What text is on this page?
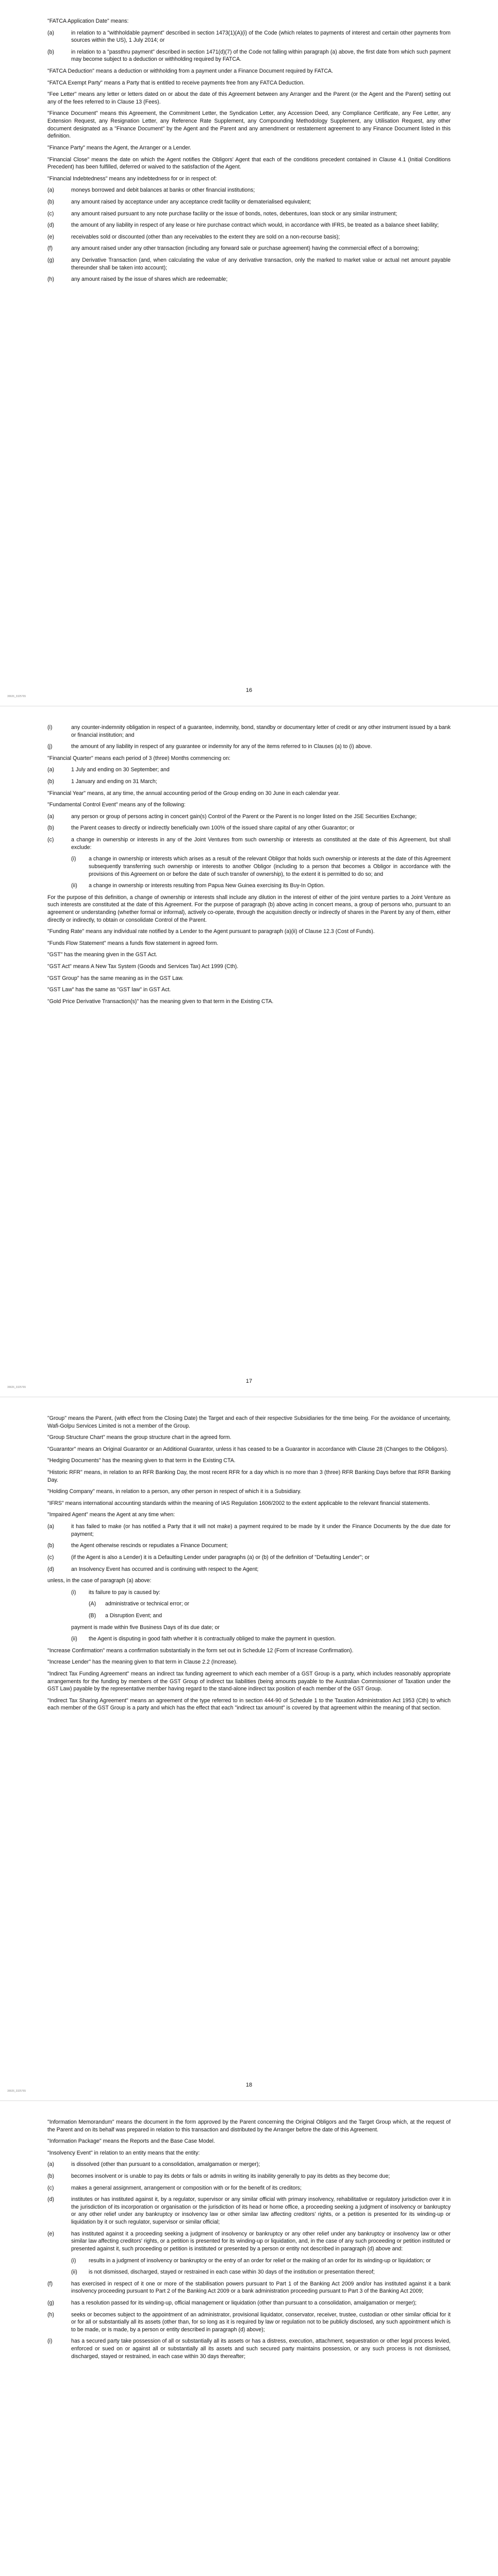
"FATCA Application Date" means:
(a)	in relation to a "withholdable payment" described in section 1473(1)(A)(i) of the Code (which relates to payments of interest and certain other payments from sources within the US), 1 July 2014; or
(b)	in relation to a "passthru payment" described in section 1471(d)(7) of the Code not falling within paragraph (a) above, the first date from which such payment may become subject to a deduction or withholding required by FATCA.
"FATCA Deduction" means a deduction or withholding from a payment under a Finance Document required by FATCA.
"FATCA Exempt Party" means a Party that is entitled to receive payments free from any FATCA Deduction.
"Fee Letter" means any letter or letters dated on or about the date of this Agreement between any Arranger and the Parent (or the Agent and the Parent) setting out any of the fees referred to in Clause 13 (Fees).
"Finance Document" means this Agreement, the Commitment Letter, the Syndication Letter, any Accession Deed, any Compliance Certificate, any Fee Letter, any Extension Request, any Resignation Letter, any Reference Rate Supplement, any Compounding Methodology Supplement, any Utilisation Request, any other document designated as a "Finance Document" by the Agent and the Parent and any amendment or restatement agreement to any Finance Document listed in this definition.
"Finance Party" means the Agent, the Arranger or a Lender.
"Financial Close" means the date on which the Agent notifies the Obligors' Agent that each of the conditions precedent contained in Clause 4.1 (Initial Conditions Precedent) has been fulfilled, deferred or waived to the satisfaction of the Agent.
"Financial Indebtedness" means any indebtedness for or in respect of:
(a)	moneys borrowed and debit balances at banks or other financial institutions;
(b)	any amount raised by acceptance under any acceptance credit facility or dematerialised equivalent;
(c)	any amount raised pursuant to any note purchase facility or the issue of bonds, notes, debentures, loan stock or any similar instrument;
(d)	the amount of any liability in respect of any lease or hire purchase contract which would, in accordance with IFRS, be treated as a balance sheet liability;
(e)	receivables sold or discounted (other than any receivables to the extent they are sold on a non-recourse basis);
(f)	any amount raised under any other transaction (including any forward sale or purchase agreement) having the commercial effect of a borrowing;
(g)	any Derivative Transaction (and, when calculating the value of any derivative transaction, only the marked to market value or actual net amount payable thereunder shall be taken into account);
(h)	any amount raised by the issue of shares which are redeemable;
16
39926_3325765
(i)	any counter-indemnity obligation in respect of a guarantee, indemnity, bond, standby or documentary letter of credit or any other instrument issued by a bank or financial institution; and
(j)	the amount of any liability in respect of any guarantee or indemnity for any of the items referred to in Clauses (a) to (i) above.
"Financial Quarter" means each period of 3 (three) Months commencing on:
(a)	1 July and ending on 30 September; and
(b)	1 January and ending on 31 March;
"Financial Year" means, at any time, the annual accounting period of the Group ending on 30 June in each calendar year.
"Fundamental Control Event" means any of the following:
(a)	any person or group of persons acting in concert gain(s) Control of the Parent or the Parent is no longer listed on the JSE Securities Exchange;
(b)	the Parent ceases to directly or indirectly beneficially own 100% of the issued share capital of any other Guarantor; or
(c)	a change in ownership or interests in any of the Joint Ventures from such ownership or interests as constituted at the date of this Agreement, but shall exclude:
(i)	a change in ownership or interests which arises as a result of the relevant Obligor that holds such ownership or interests at the date of this Agreement subsequently transferring such ownership or interests to another Obligor (including to a person that becomes a Obligor in accordance with the provisions of this Agreement on or before the date of such transfer of ownership), to the extent it is permitted to do so; and
(ii)	a change in ownership or interests resulting from Papua New Guinea exercising its Buy-In Option.
For the purpose of this definition, a change of ownership or interests shall include any dilution in the interest of either of the joint venture parties to a Joint Venture as such interests are constituted at the date of this Agreement. For the purpose of paragraph (b) above acting in concert means, a group of persons who, pursuant to an agreement or understanding (whether formal or informal), actively co-operate, through the acquisition directly or indirectly of shares in the Parent by any of them, either directly or indirectly, to obtain or consolidate Control of the Parent.
"Funding Rate" means any individual rate notified by a Lender to the Agent pursuant to paragraph (a)(ii) of Clause 12.3 (Cost of Funds).
"Funds Flow Statement" means a funds flow statement in agreed form.
"GST" has the meaning given in the GST Act.
"GST Act" means A New Tax System (Goods and Services Tax) Act 1999 (Cth).
"GST Group" has the same meaning as in the GST Law.
"GST Law" has the same as "GST law" in GST Act.
"Gold Price Derivative Transaction(s)" has the meaning given to that term in the Existing CTA.
17
39926_3325765
"Group" means the Parent, (with effect from the Closing Date) the Target and each of their respective Subsidiaries for the time being. For the avoidance of uncertainty, Wafi-Golpu Services Limited is not a member of the Group.
"Group Structure Chart" means the group structure chart in the agreed form.
"Guarantor" means an Original Guarantor or an Additional Guarantor, unless it has ceased to be a Guarantor in accordance with Clause 28 (Changes to the Obligors).
"Hedging Documents" has the meaning given to that term in the Existing CTA.
"Historic RFR" means, in relation to an RFR Banking Day, the most recent RFR for a day which is no more than 3 (three) RFR Banking Days before that RFR Banking Day.
"Holding Company" means, in relation to a person, any other person in respect of which it is a Subsidiary.
"IFRS" means international accounting standards within the meaning of IAS Regulation 1606/2002 to the extent applicable to the relevant financial statements.
"Impaired Agent" means the Agent at any time when:
(a)	it has failed to make (or has notified a Party that it will not make) a payment required to be made by it under the Finance Documents by the due date for payment;
(b)	the Agent otherwise rescinds or repudiates a Finance Document;
(c)	(if the Agent is also a Lender) it is a Defaulting Lender under paragraphs (a) or (b) of the definition of "Defaulting Lender"; or
(d)	an Insolvency Event has occurred and is continuing with respect to the Agent;
unless, in the case of paragraph (a) above:
(i)	its failure to pay is caused by:
(A)	administrative or technical error; or
(B)	a Disruption Event; and
payment is made within five Business Days of its due date; or
(ii)	the Agent is disputing in good faith whether it is contractually obliged to make the payment in question.
"Increase Confirmation" means a confirmation substantially in the form set out in Schedule 12 (Form of Increase Confirmation).
"Increase Lender" has the meaning given to that term in Clause 2.2 (Increase).
"Indirect Tax Funding Agreement" means an indirect tax funding agreement to which each member of a GST Group is a party, which includes reasonably appropriate arrangements for the funding by members of the GST Group of indirect tax liabilities (being amounts payable to the Australian Commissioner of Taxation under the GST Law) payable by the representative member having regard to the stand-alone indirect tax position of each member of the GST Group.
"Indirect Tax Sharing Agreement" means an agreement of the type referred to in section 444-90 of Schedule 1 to the Taxation Administration Act 1953 (Cth) to which each member of the GST Group is a party and which has the effect that each "indirect tax amount" is covered by that agreement within the meaning of that section.
18
39926_3325765
"Information Memorandum" means the document in the form approved by the Parent concerning the Original Obligors and the Target Group which, at the request of the Parent and on its behalf was prepared in relation to this transaction and distributed by the Arranger before the date of this Agreement.
"Information Package" means the Reports and the Base Case Model.
"Insolvency Event" in relation to an entity means that the entity:
(a)	is dissolved (other than pursuant to a consolidation, amalgamation or merger);
(b)	becomes insolvent or is unable to pay its debts or fails or admits in writing its inability generally to pay its debts as they become due;
(c)	makes a general assignment, arrangement or composition with or for the benefit of its creditors;
(d)	institutes or has instituted against it, by a regulator, supervisor or any similar official with primary insolvency, rehabilitative or regulatory jurisdiction over it in the jurisdiction of its incorporation or organisation or the jurisdiction of its head or home office, a proceeding seeking a judgment of insolvency or bankruptcy or any other relief under any bankruptcy or insolvency law or other similar law affecting creditors' rights, or a petition is presented for its winding-up or liquidation by it or such regulator, supervisor or similar official;
(e)	has instituted against it a proceeding seeking a judgment of insolvency or bankruptcy or any other relief under any bankruptcy or insolvency law or other similar law affecting creditors' rights, or a petition is presented for its winding-up or liquidation, and, in the case of any such proceeding or petition instituted or presented against it, such proceeding or petition is instituted or presented by a person or entity not described in paragraph (d) above and:
(i)	results in a judgment of insolvency or bankruptcy or the entry of an order for relief or the making of an order for its winding-up or liquidation; or
(ii)	is not dismissed, discharged, stayed or restrained in each case within 30 days of the institution or presentation thereof;
(f)	has exercised in respect of it one or more of the stabilisation powers pursuant to Part 1 of the Banking Act 2009 and/or has instituted against it a bank insolvency proceeding pursuant to Part 2 of the Banking Act 2009 or a bank administration proceeding pursuant to Part 3 of the Banking Act 2009;
(g)	has a resolution passed for its winding-up, official management or liquidation (other than pursuant to a consolidation, amalgamation or merger);
(h)	seeks or becomes subject to the appointment of an administrator, provisional liquidator, conservator, receiver, trustee, custodian or other similar official for it or for all or substantially all its assets (other than, for so long as it is required by law or regulation not to be publicly disclosed, any such appointment which is to be made, or is made, by a person or entity described in paragraph (d) above);
(i)	has a secured party take possession of all or substantially all its assets or has a distress, execution, attachment, sequestration or other legal process levied, enforced or sued on or against all or substantially all its assets and such secured party maintains possession, or any such process is not dismissed, discharged, stayed or restrained, in each case within 30 days thereafter;
